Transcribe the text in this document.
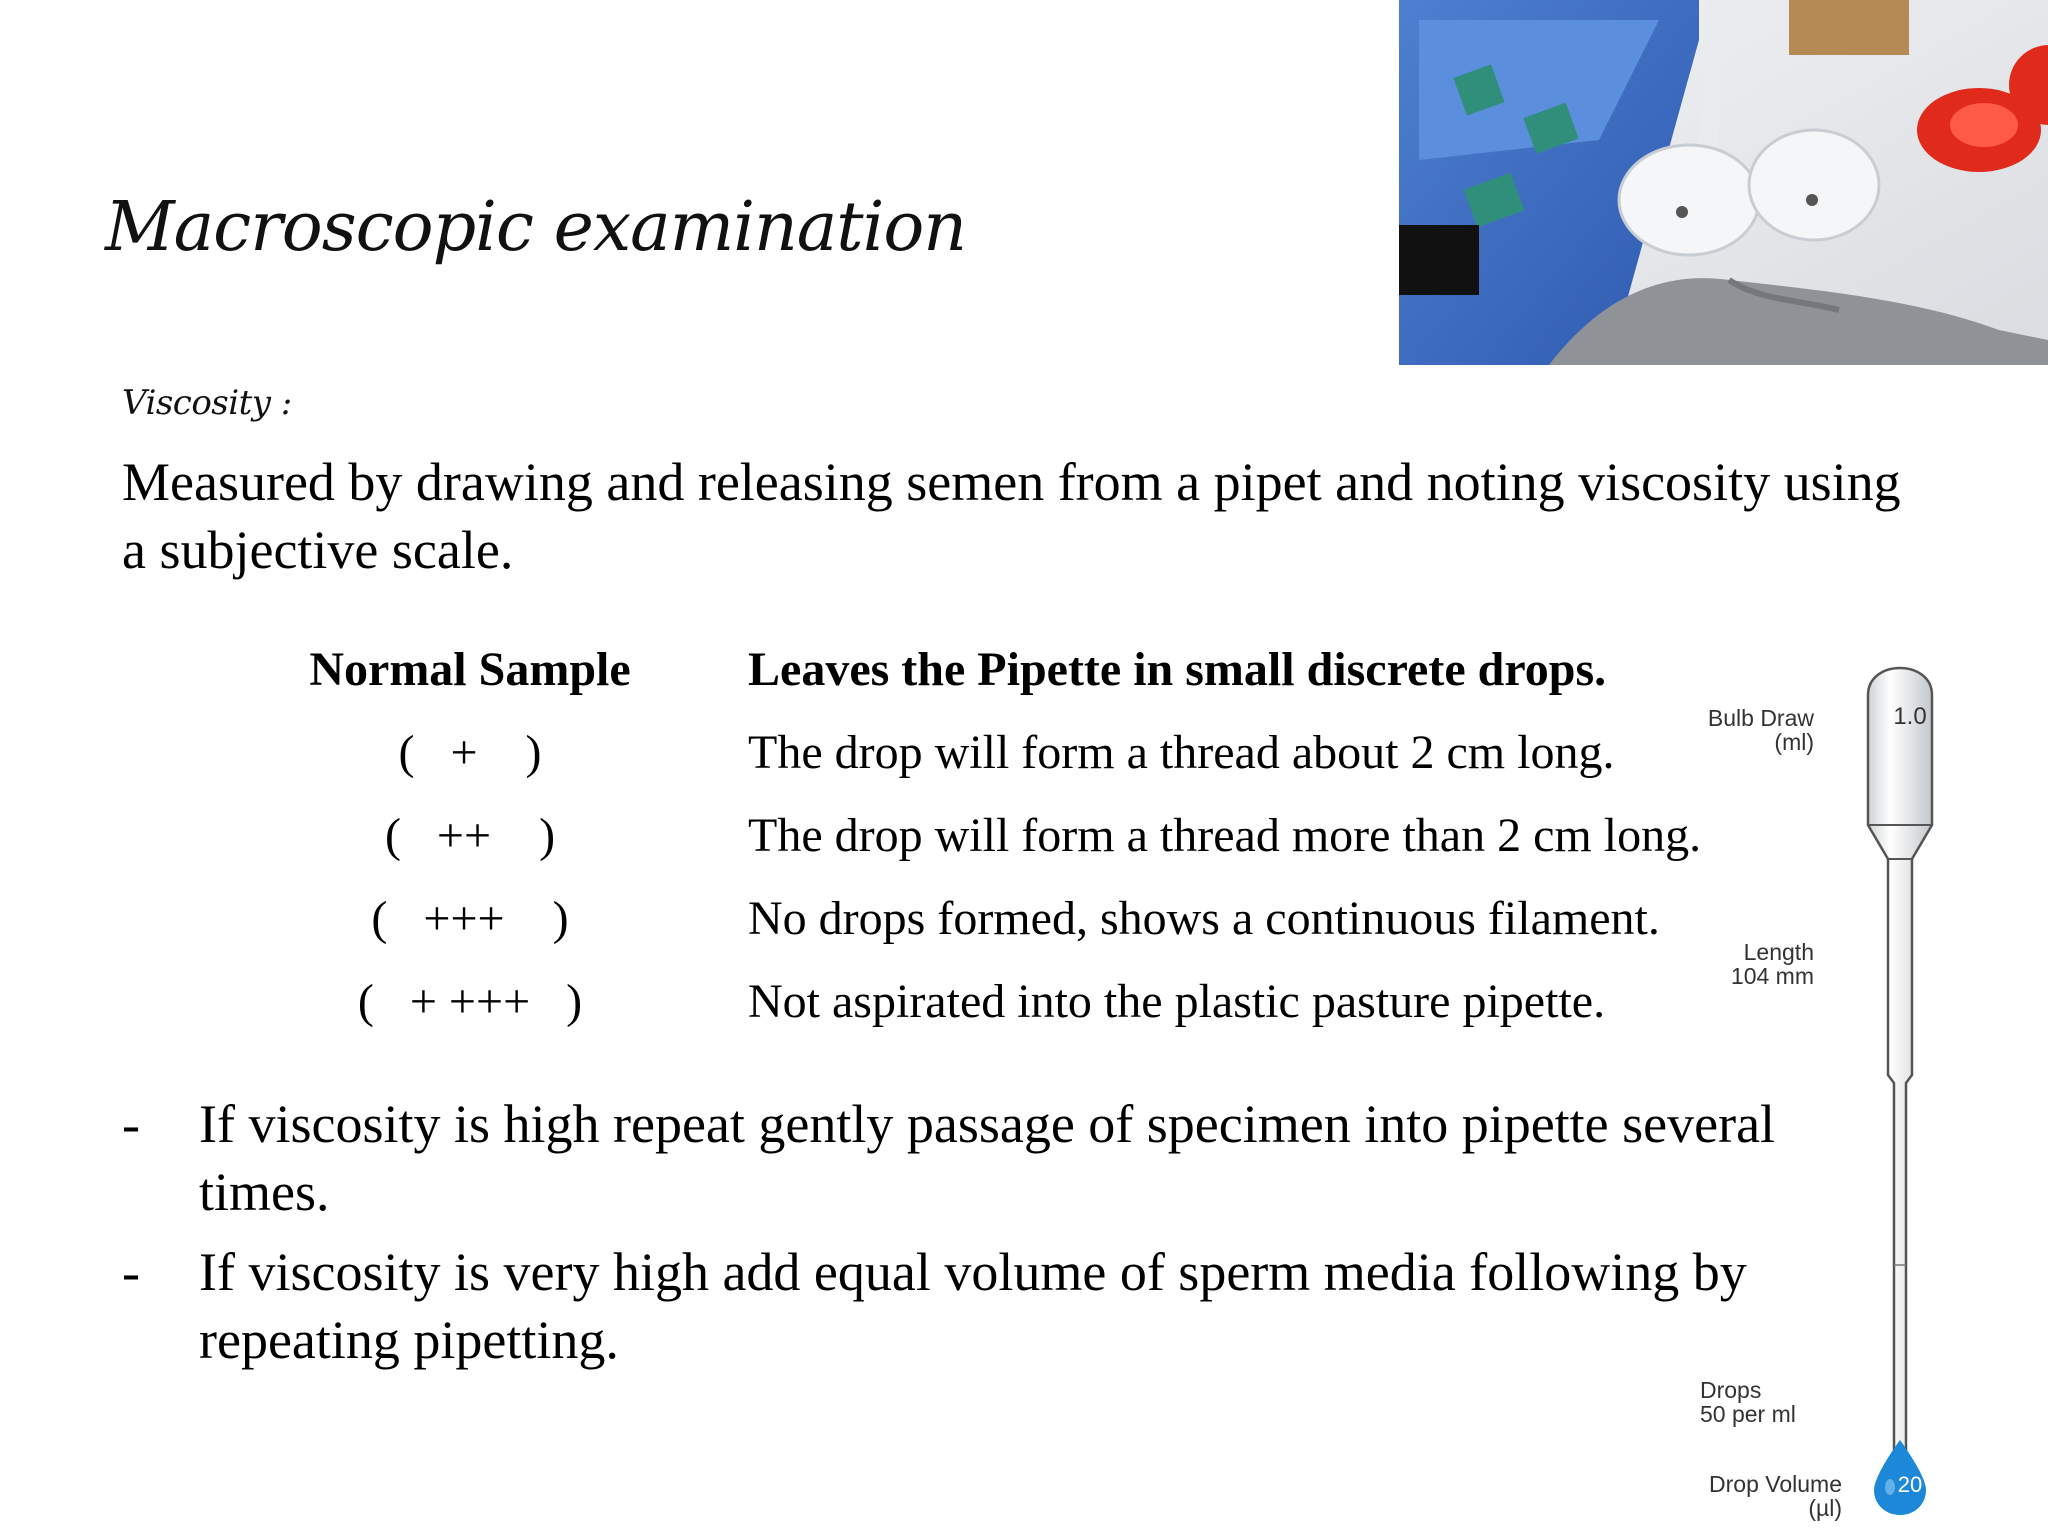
Macroscopic examination
Viscosity :
Measured by drawing and releasing semen from a pipet and noting viscosity using a subjective scale.
Normal Sample	Leaves the Pipette in small discrete drops.
(   +    )	The drop will form a thread about 2 cm long.
(   ++    )	The drop will form a thread more than 2 cm long.
(   +++    )	No drops formed, shows a continuous filament.
(   + +++   )	Not aspirated into the plastic pasture pipette.
- If viscosity is high repeat gently passage of specimen into pipette several times.
- If viscosity is very high add equal volume of sperm media following by repeating pipetting.
1.0
Bulb Draw
(ml)
Length
104 mm
Drops
50 per ml
Drop Volume
(µl)
20
